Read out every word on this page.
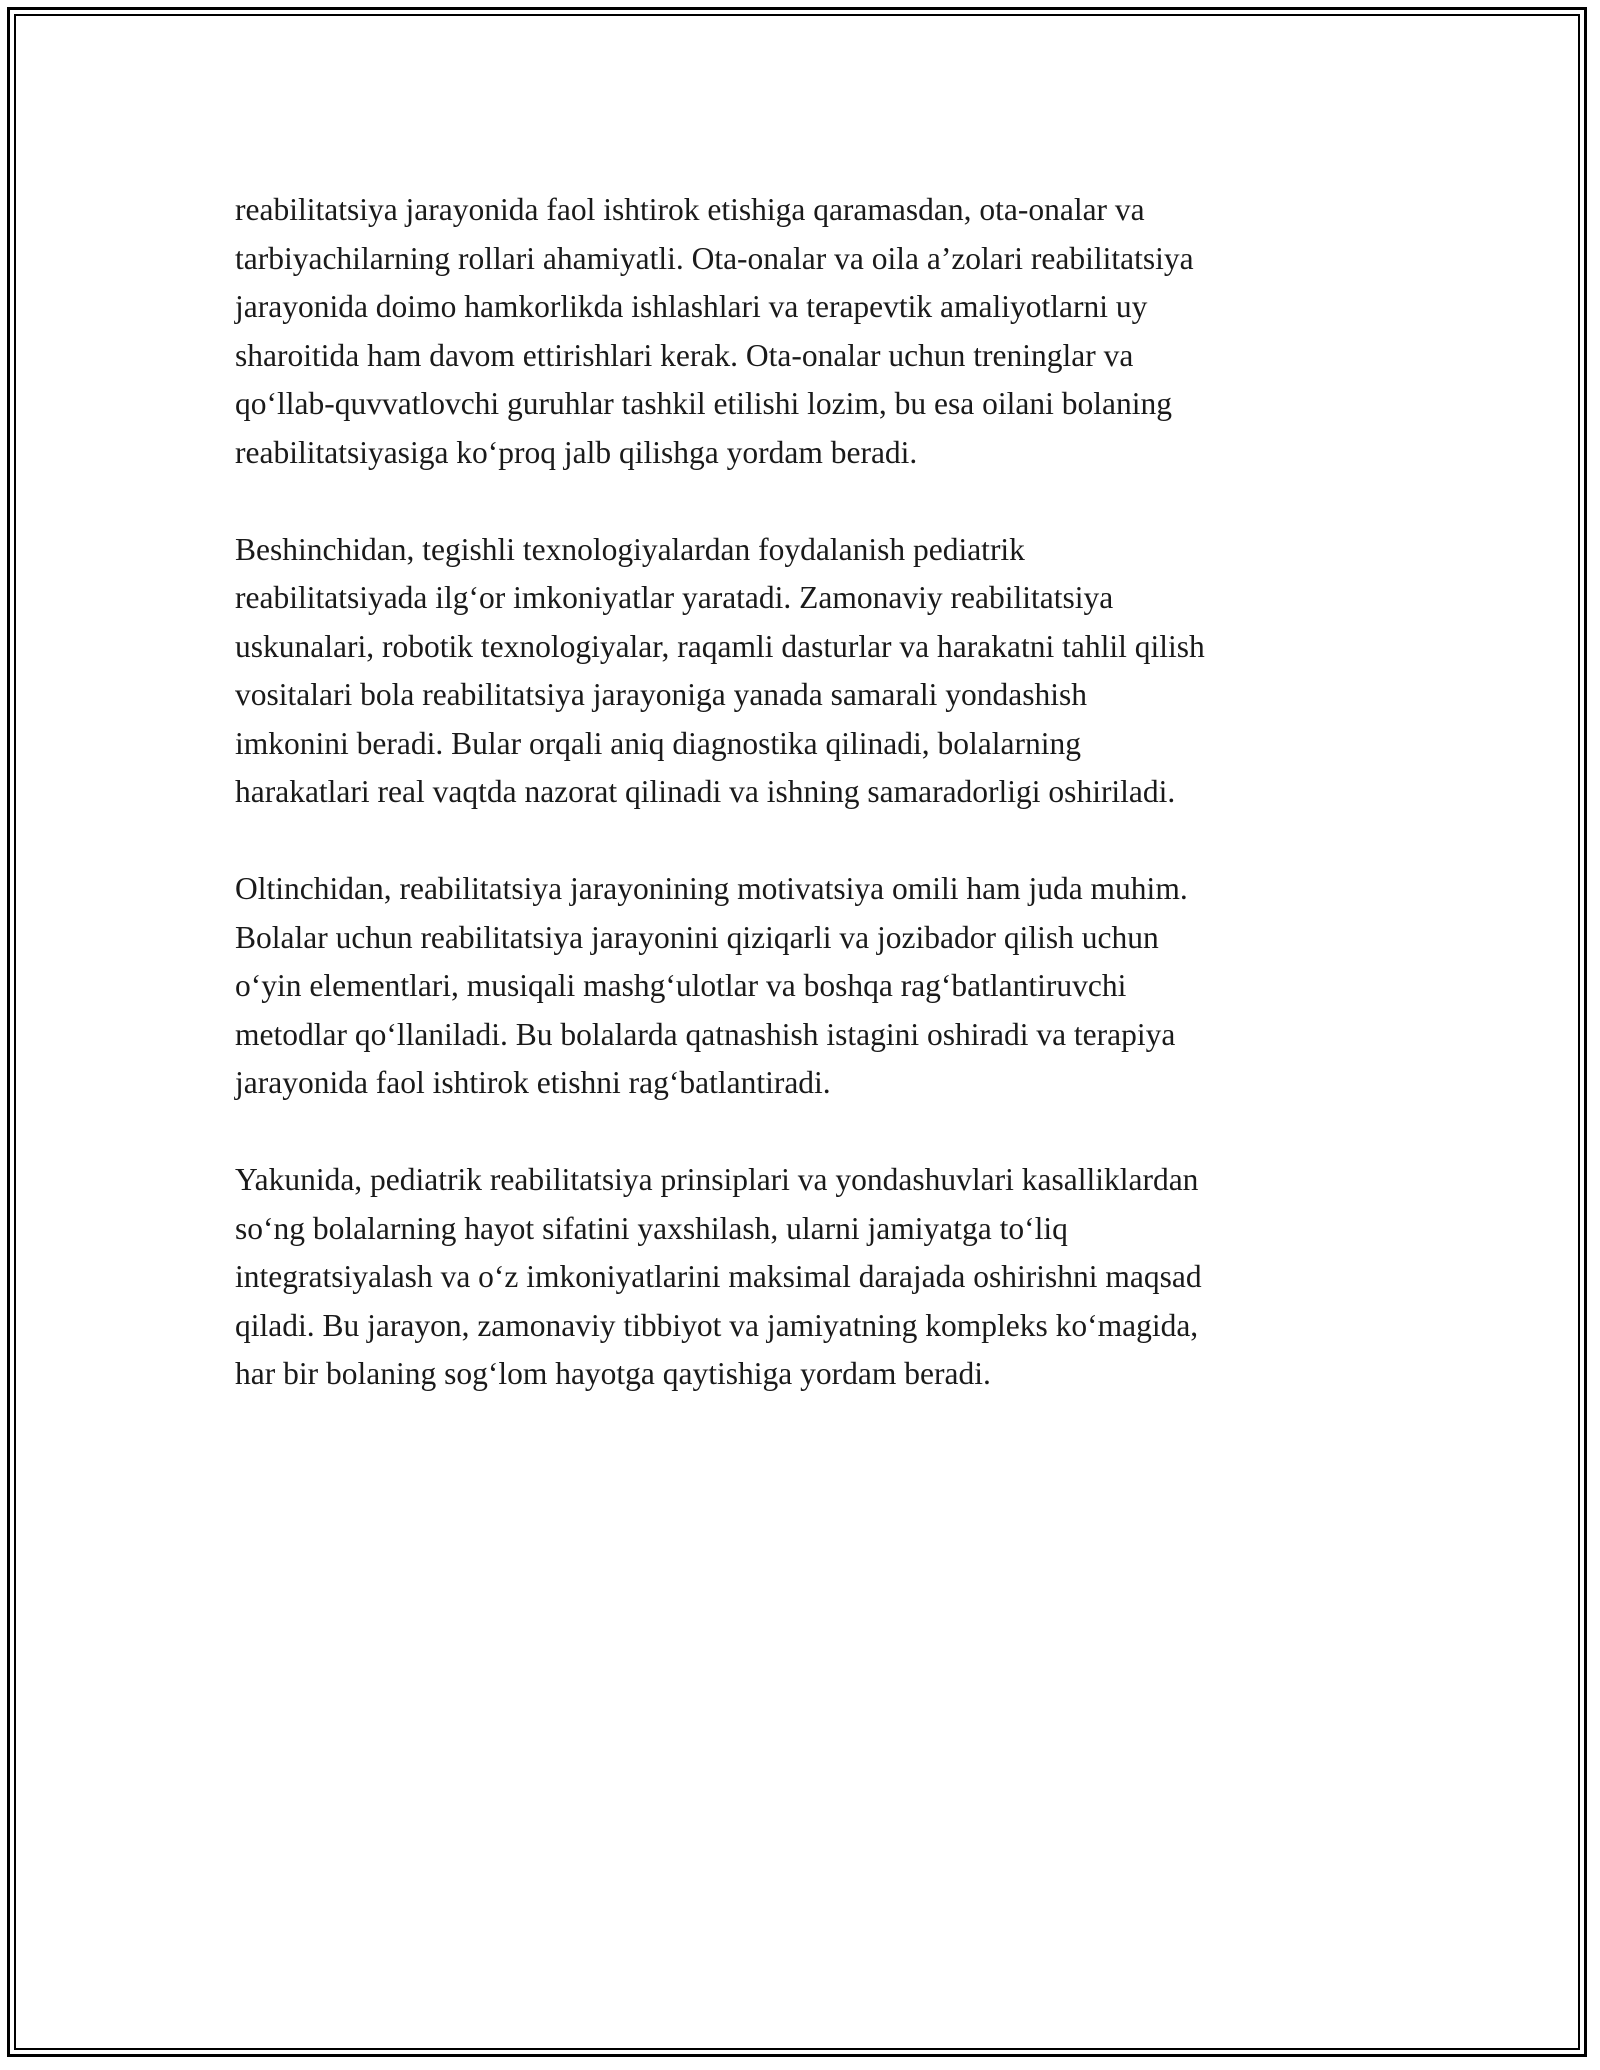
reabilitatsiya jarayonida faol ishtirok etishiga qaramasdan, ota-onalar va
tarbiyachilarning rollari ahamiyatli. Ota-onalar va oila a’zolari reabilitatsiya
jarayonida doimo hamkorlikda ishlashlari va terapevtik amaliyotlarni uy
sharoitida ham davom ettirishlari kerak. Ota-onalar uchun treninglar va
qo‘llab-quvvatlovchi guruhlar tashkil etilishi lozim, bu esa oilani bolaning
reabilitatsiyasiga ko‘proq jalb qilishga yordam beradi.

Beshinchidan, tegishli texnologiyalardan foydalanish pediatrik
reabilitatsiyada ilg‘or imkoniyatlar yaratadi. Zamonaviy reabilitatsiya
uskunalari, robotik texnologiyalar, raqamli dasturlar va harakatni tahlil qilish
vositalari bola reabilitatsiya jarayoniga yanada samarali yondashish
imkonini beradi. Bular orqali aniq diagnostika qilinadi, bolalarning
harakatlari real vaqtda nazorat qilinadi va ishning samaradorligi oshiriladi.

Oltinchidan, reabilitatsiya jarayonining motivatsiya omili ham juda muhim.
Bolalar uchun reabilitatsiya jarayonini qiziqarli va jozibador qilish uchun
o‘yin elementlari, musiqali mashg‘ulotlar va boshqa rag‘batlantiruvchi
metodlar qo‘llaniladi. Bu bolalarda qatnashish istagini oshiradi va terapiya
jarayonida faol ishtirok etishni rag‘batlantiradi.

Yakunida, pediatrik reabilitatsiya prinsiplari va yondashuvlari kasalliklardan
so‘ng bolalarning hayot sifatini yaxshilash, ularni jamiyatga to‘liq
integratsiyalash va o‘z imkoniyatlarini maksimal darajada oshirishni maqsad
qiladi. Bu jarayon, zamonaviy tibbiyot va jamiyatning kompleks ko‘magida,
har bir bolaning sog‘lom hayotga qaytishiga yordam beradi.
